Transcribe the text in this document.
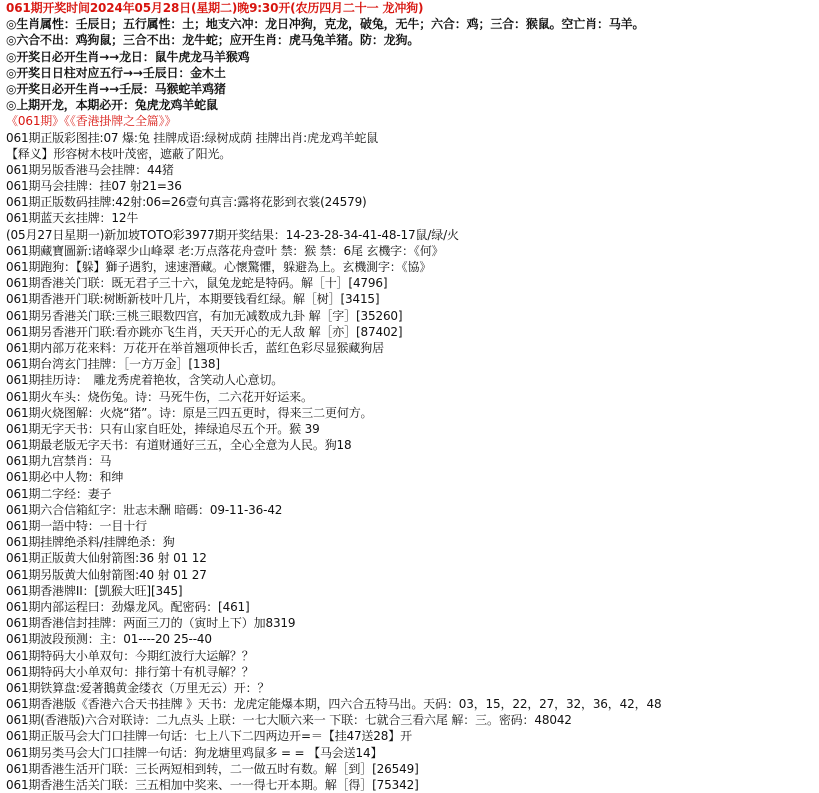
061期开奖时间2024年05月28日(星期二)晚9:30开(农历四月二十一 龙冲狗)
◎生肖属性：壬辰日；五行属性：土；地支六冲：龙日冲狗，克龙，破兔，无牛；六合：鸡；三合：猴鼠。空亡肖：马羊。
◎六合不出：鸡狗鼠；三合不出：龙牛蛇；应开生肖：虎马兔羊猪。防：龙狗。
◎开奖日必开生肖→→龙日：鼠牛虎龙马羊猴鸡
◎开奖日日柱对应五行→→壬辰日：金木土
◎开奖日必开生肖→→壬辰：马猴蛇羊鸡猪
◎上期开龙，本期必开：兔虎龙鸡羊蛇鼠
《061期》《《香港掛牌之全篇》》
061期正版彩图挂:07 爆:兔 挂牌成语:绿树成荫 挂牌出肖:虎龙鸡羊蛇鼠
【释义】形容树木枝叶茂密，遮蔽了阳光。
061期另版香港马会挂牌：44猪
061期马会挂牌：挂07 射21=36
061期正版数码挂牌:42射:06=26壹句真言:露将花影到衣裳(24579)
061期蓝天玄挂牌：12牛
(05月27日星期一)新加坡TOTO彩3977期开奖结果：14-23-28-34-41-48-17鼠/绿/火
061期藏寶圖新:诸峰翠少山峰翠 老:万点落花舟壹叶 禁：猴 禁：6尾 玄機字：《何》
061期跑狗：【躲】獅子遇豹，速速潛藏。心懷驚懼，躲避為上。玄機測字：《協》
061期香港关门联：既无君子三十六，鼠兔龙蛇是特码。解［十］[4796]
061期香港开门联:树断新枝叶几片，本期要钱看红绿。解［树］[3415]
061期另香港关门联:三桃三眼数四宫，有加无减数成九卦 解［字］[35260]
061期另香港开门联:看亦跳亦飞生肖，天天开心的无人敌 解［亦］[87402]
061期内部万花来料：万花开在举首翘项伸长舌，蓝红色彩尽显猴藏狗居
061期台湾玄门挂牌：［一方万金］[138]
061期挂历诗：　雕龙秀虎着艳妆，含笑动人心意切。
061期火车头：烧伤兔。诗：马死牛伤，二六花开好运来。
061期火烧图解：火烧“猪”。诗：原是三四五更时，得来三二更何方。
061期无字天书：只有山家自旺处，捧绿追尽五个开。猴 39
061期最老版无字天书：有道财通好三五，全心全意为人民。狗18
061期九宫禁肖：马
061期必中人物：和绅
061期二字经：妻子
061期六合信箱紅字：壯志未酬 暗碼：09-11-36-42
061期一語中特：一目十行
061期挂牌绝杀料/挂牌绝杀：狗
061期正版黄大仙射箭图:36 射 01 12
061期另版黄大仙射箭图:40 射 01 27
061期香港牌II：[凱猴大旺][345]
061期内部运程曰：劲爆龙风。配密码：[461]
061期香港信封挂牌：两面三刀的（寅时上下）加8319
061期波段预测：主：01----20 25--40
061期特码大小单双句：今期红波行大运解？？
061期特码大小单双句：排行第十有机寻解？？
061期铁算盘:爱著鵝黄金缕衣（万里无云）开：？
061期香港版《香港六合天书挂牌 》天书：龙虎定能爆本期，四六合五特马出。天码：03，15，22，27，32，36，42，48
061期(香港版)六合对联诗：二九点头 上联：一七大顺六来一 下联：七就合三看六尾 解：三。密码：48042
061期正版马会大门口挂牌一句话：七上八下二四两边开=＝【挂47送28】开
061期另类马会大门口挂牌一句话：狗龙塘里鸡鼠多 = = 【马会送14】
061期香港生活开门联：三长两短相到转，二一做五时有数。解［到］[26549]
061期香港生活关门联：三五相加中奖来、一一得七开本期。解［得］[75342]
